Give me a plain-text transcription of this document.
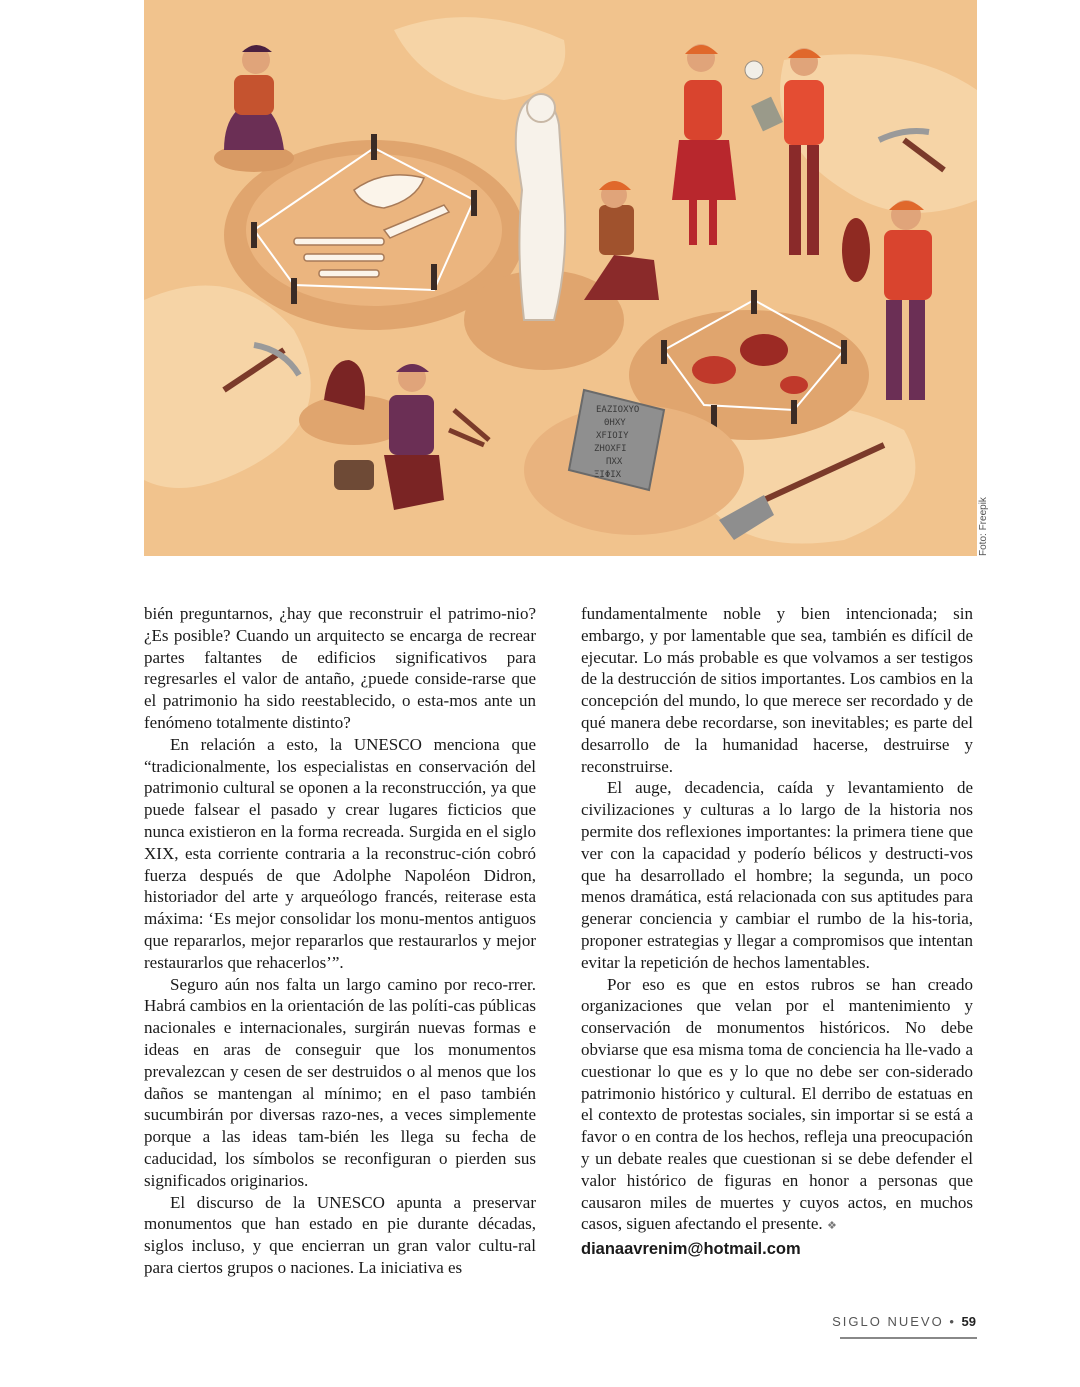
EAZIOXYO
ΘHXY
XFIΟIY
ZHOXFI
ΠXX
ΞIΦΙΧ
Foto: Freepik

bién preguntarnos, ¿hay que reconstruir el patrimo-nio? ¿Es posible? Cuando un arquitecto se encarga de recrear partes faltantes de edificios significativos para regresarles el valor de antaño, ¿puede conside-rarse que el patrimonio ha sido reestablecido, o esta-mos ante un fenómeno totalmente distinto?

En relación a esto, la UNESCO menciona que “tradicionalmente, los especialistas en conservación del patrimonio cultural se oponen a la reconstrucción, ya que puede falsear el pasado y crear lugares ficticios que nunca existieron en la forma recreada. Surgida en el siglo XIX, esta corriente contraria a la reconstruc-ción cobró fuerza después de que Adolphe Napoléon Didron, historiador del arte y arqueólogo francés, reiterase esta máxima: ‘Es mejor consolidar los monu-mentos antiguos que repararlos, mejor repararlos que restaurarlos y mejor restaurarlos que rehacerlos’”.

Seguro aún nos falta un largo camino por reco-rrer. Habrá cambios en la orientación de las políti-cas públicas nacionales e internacionales, surgirán nuevas formas e ideas en aras de conseguir que los monumentos prevalezcan y cesen de ser destruidos o al menos que los daños se mantengan al mínimo; en el paso también sucumbirán por diversas razo-nes, a veces simplemente porque a las ideas tam-bién les llega su fecha de caducidad, los símbolos se reconfiguran o pierden sus significados originarios.

El discurso de la UNESCO apunta a preservar monumentos que han estado en pie durante décadas, siglos incluso, y que encierran un gran valor cultu-ral para ciertos grupos o naciones. La iniciativa es

fundamentalmente noble y bien intencionada; sin embargo, y por lamentable que sea, también es difícil de ejecutar. Lo más probable es que volvamos a ser testigos de la destrucción de sitios importantes. Los cambios en la concepción del mundo, lo que merece ser recordado y de qué manera debe recordarse, son inevitables; es parte del desarrollo de la humanidad hacerse, destruirse y reconstruirse.

El auge, decadencia, caída y levantamiento de civilizaciones y culturas a lo largo de la historia nos permite dos reflexiones importantes: la primera tiene que ver con la capacidad y poderío bélicos y destructi-vos que ha desarrollado el hombre; la segunda, un poco menos dramática, está relacionada con sus aptitudes para generar conciencia y cambiar el rumbo de la his-toria, proponer estrategias y llegar a compromisos que intentan evitar la repetición de hechos lamentables.

Por eso es que en estos rubros se han creado organizaciones que velan por el mantenimiento y conservación de monumentos históricos. No debe obviarse que esa misma toma de conciencia ha lle-vado a cuestionar lo que es y lo que no debe ser con-siderado patrimonio histórico y cultural. El derribo de estatuas en el contexto de protestas sociales, sin importar si se está a favor o en contra de los hechos, refleja una preocupación y un debate reales que cuestionan si se debe defender el valor histórico de figuras en honor a personas que causaron miles de muertes y cuyos actos, en muchos casos, siguen afectando el presente. ❖

dianaavrenim@hotmail.com
SIGLO NUEVO • 59
